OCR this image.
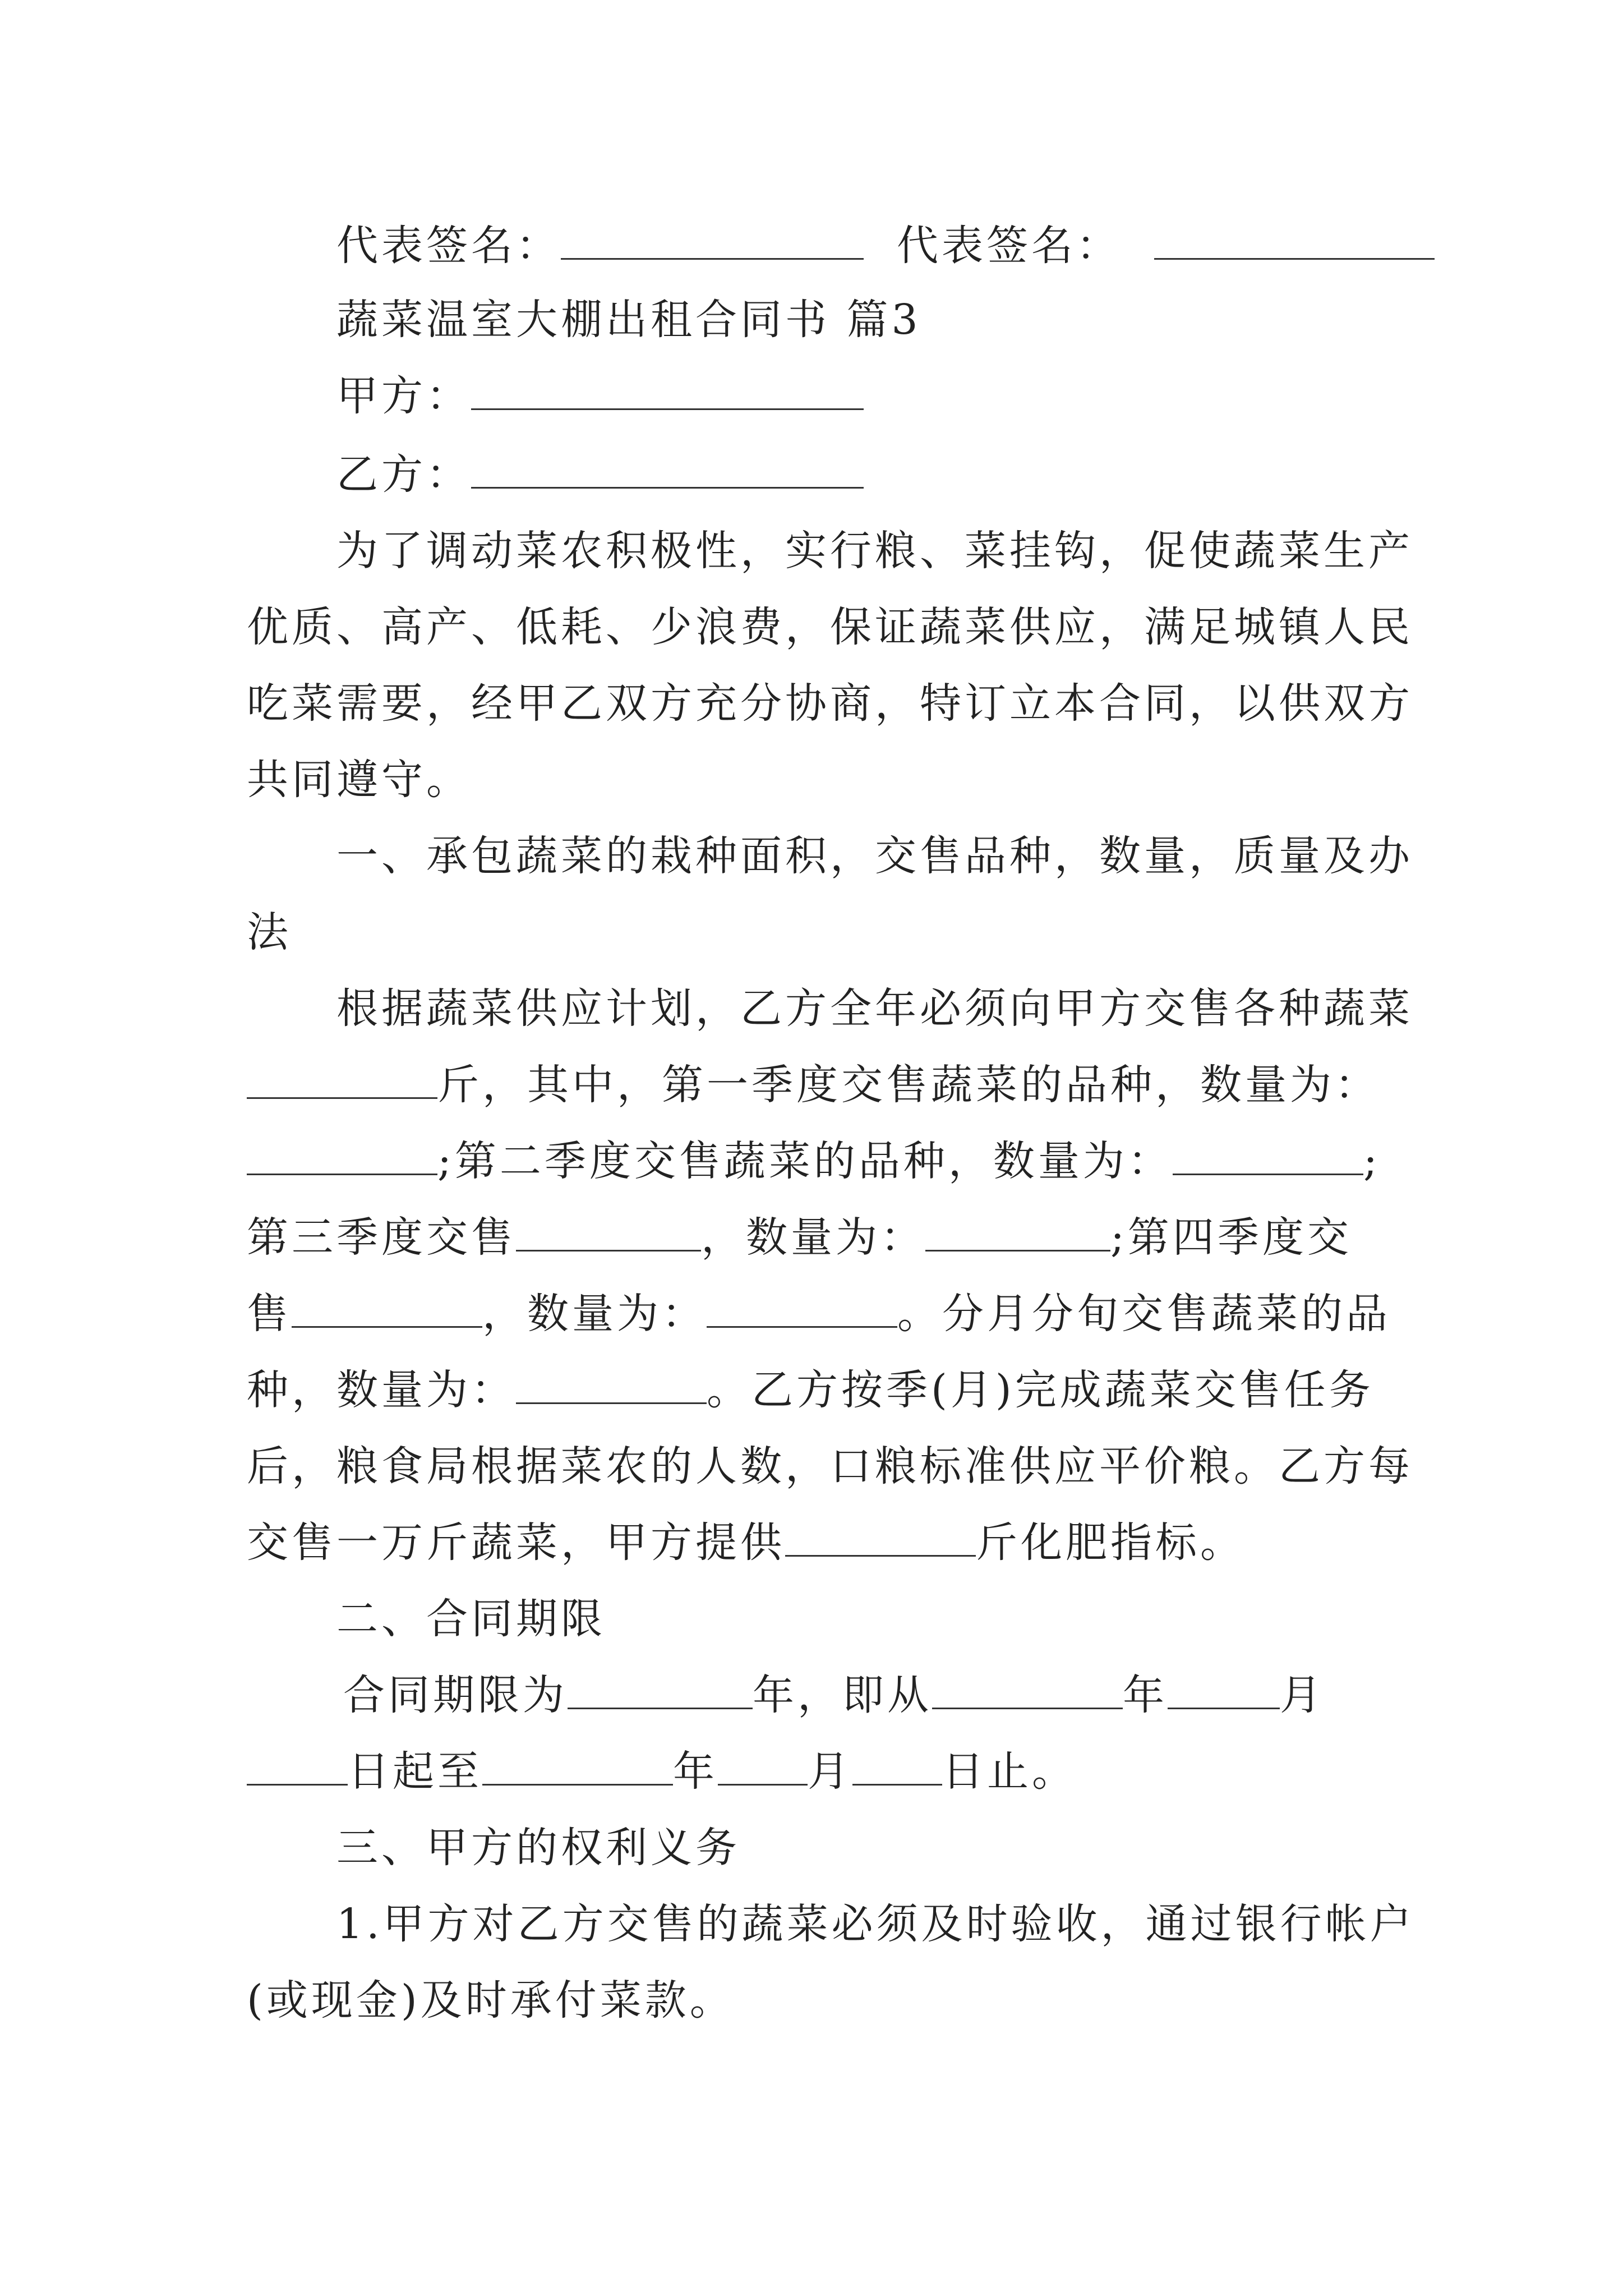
代表签名：	代表签名：
蔬菜温室大棚出租合同书 篇3
甲方：
乙方：
为了调动菜农积极性，实行粮、菜挂钩，促使蔬菜生产
优质、高产、低耗、少浪费，保证蔬菜供应，满足城镇人民
吃菜需要，经甲乙双方充分协商，特订立本合同，以供双方
共同遵守。
一、承包蔬菜的栽种面积，交售品种，数量，质量及办
法
根据蔬菜供应计划，乙方全年必须向甲方交售各种蔬菜
斤，其中，第一季度交售蔬菜的品种，数量为：
;第二季度交售蔬菜的品种，数量为：	;
第三季度交售	，数量为：	;第四季度交
售	，数量为：	。分月分旬交售蔬菜的品
种，数量为：	。乙方按季(月)完成蔬菜交售任务
后，粮食局根据菜农的人数，口粮标准供应平价粮。乙方每
交售一万斤蔬菜，甲方提供	斤化肥指标。
二、合同期限
合同期限为	年，即从	年	月
日起至	年 月 日止。
三、甲方的权利义务
1.甲方对乙方交售的蔬菜必须及时验收，通过银行帐户
(或现金)及时承付菜款。
